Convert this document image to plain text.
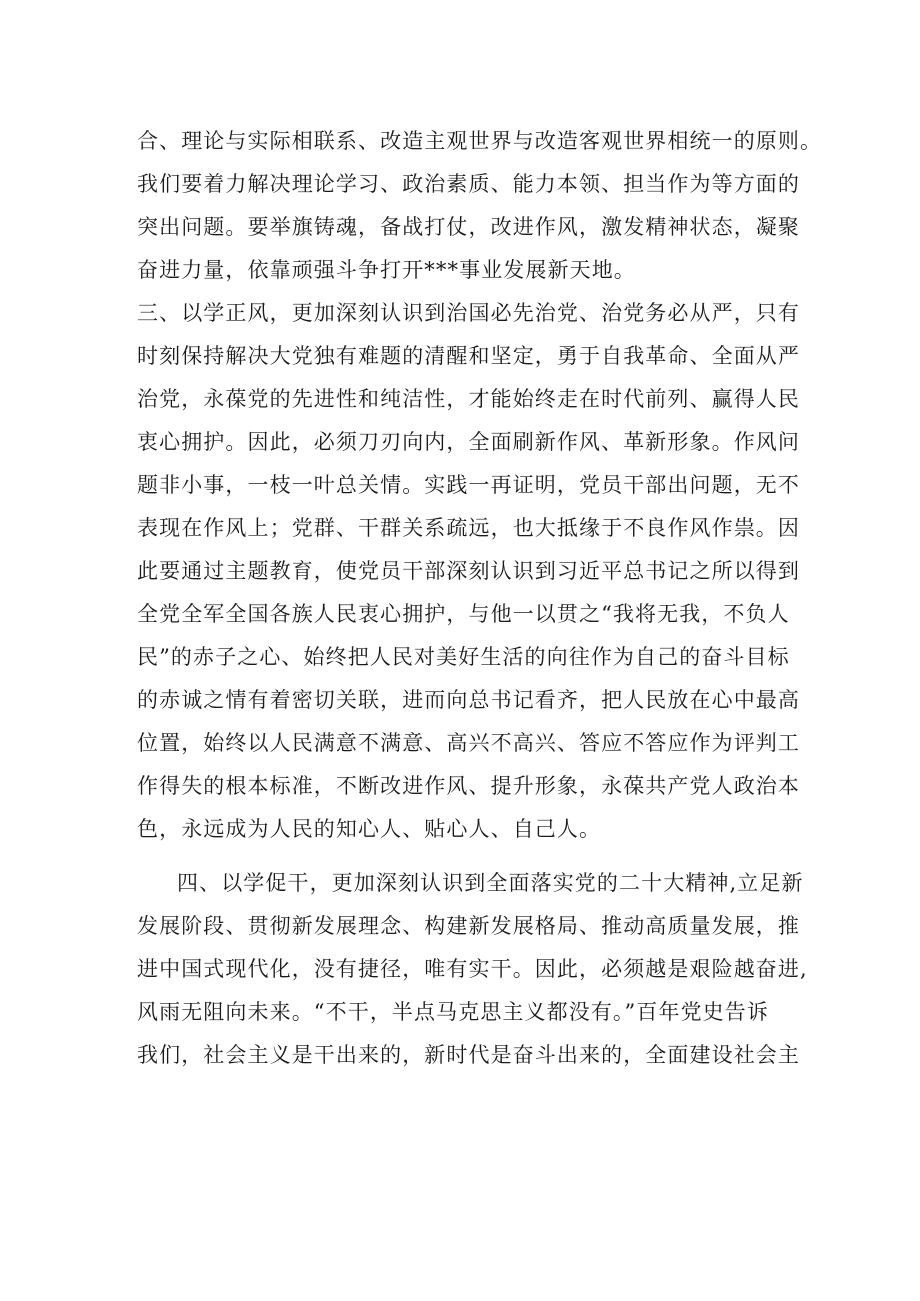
合、理论与实际相联系、改造主观世界与改造客观世界相统一的原则。
我们要着力解决理论学习、政治素质、能力本领、担当作为等方面的
突出问题。要举旗铸魂，备战打仗，改进作风，激发精神状态，凝聚
奋进力量，依靠顽强斗争打开***事业发展新天地。
三、以学正风，更加深刻认识到治国必先治党、治党务必从严，只有
时刻保持解决大党独有难题的清醒和坚定，勇于自我革命、全面从严
治党，永葆党的先进性和纯洁性，才能始终走在时代前列、赢得人民
衷心拥护。因此，必须刀刃向内，全面刷新作风、革新形象。作风问
题非小事，一枝一叶总关情。实践一再证明，党员干部出问题，无不
表现在作风上；党群、干群关系疏远，也大抵缘于不良作风作祟。因
此要通过主题教育，使党员干部深刻认识到习近平总书记之所以得到
全党全军全国各族人民衷心拥护，与他一以贯之“我将无我，不负人
民”的赤子之心、始终把人民对美好生活的向往作为自己的奋斗目标
的赤诚之情有着密切关联，进而向总书记看齐，把人民放在心中最高
位置，始终以人民满意不满意、高兴不高兴、答应不答应作为评判工
作得失的根本标准，不断改进作风、提升形象，永葆共产党人政治本
色，永远成为人民的知心人、贴心人、自己人。
四、以学促干，更加深刻认识到全面落实党的二十大精神,立足新
发展阶段、贯彻新发展理念、构建新发展格局、推动高质量发展，推
进中国式现代化，没有捷径，唯有实干。因此，必须越是艰险越奋进,
风雨无阻向未来。“不干，半点马克思主义都没有。”百年党史告诉
我们，社会主义是干出来的，新时代是奋斗出来的，全面建设社会主
